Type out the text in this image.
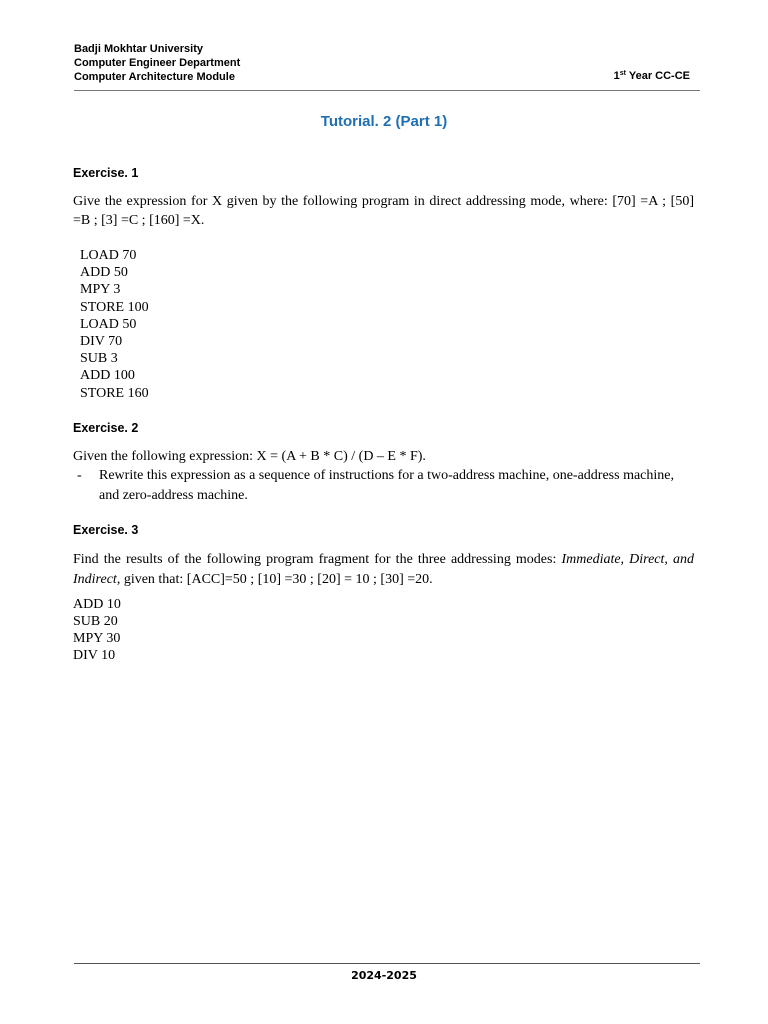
Badji Mokhtar University
Computer Engineer Department
Computer Architecture Module	1st Year CC-CE
Tutorial. 2 (Part 1)

Exercise. 1

Give the expression for X given by the following program in direct addressing mode, where: [70] =A ; [50] =B ; [3] =C ; [160] =X.

LOAD 70
ADD 50
MPY 3
STORE 100
LOAD 50
DIV 70
SUB 3
ADD 100
STORE 160

Exercise. 2

Given the following expression: X = (A + B * C) / (D – E * F).

-	Rewrite this expression as a sequence of instructions for a two-address machine, one-address machine, and zero-address machine.

Exercise. 3

Find the results of the following program fragment for the three addressing modes: Immediate, Direct, and Indirect, given that: [ACC]=50 ; [10] =30 ; [20] = 10 ; [30] =20.

ADD 10
SUB 20
MPY 30
DIV 10
2024-2025
